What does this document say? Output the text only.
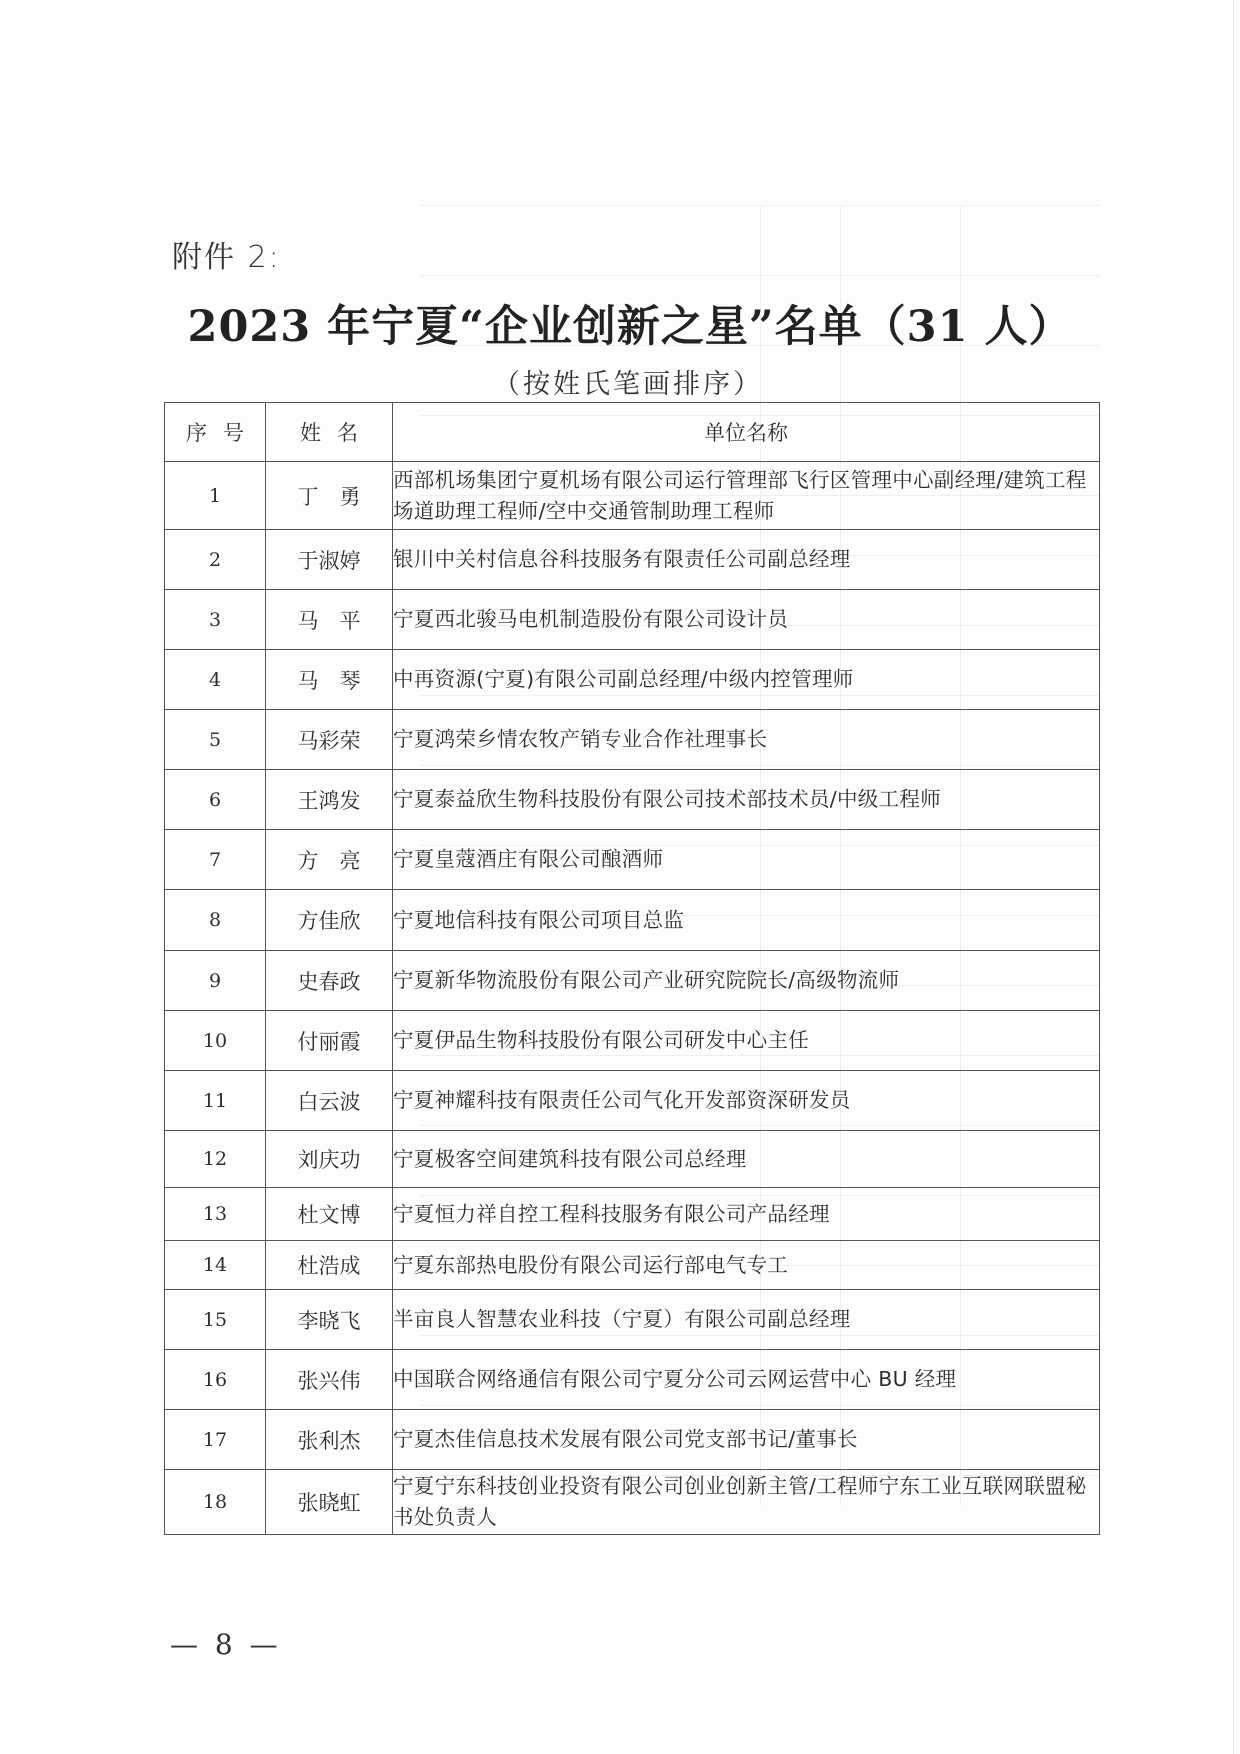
附件 2:
2023 年宁夏“企业创新之星”名单（31 人）
（按姓氏笔画排序）
序号	姓名	单位名称
1	丁　勇	西部机场集团宁夏机场有限公司运行管理部飞行区管理中心副经理/建筑工程场道助理工程师/空中交通管制助理工程师
2	于淑婷	银川中关村信息谷科技服务有限责任公司副总经理
3	马　平	宁夏西北骏马电机制造股份有限公司设计员
4	马　琴	中再资源(宁夏)有限公司副总经理/中级内控管理师
5	马彩荣	宁夏鸿荣乡情农牧产销专业合作社理事长
6	王鸿发	宁夏泰益欣生物科技股份有限公司技术部技术员/中级工程师
7	方　亮	宁夏皇蔻酒庄有限公司酿酒师
8	方佳欣	宁夏地信科技有限公司项目总监
9	史春政	宁夏新华物流股份有限公司产业研究院院长/高级物流师
10	付丽霞	宁夏伊品生物科技股份有限公司研发中心主任
11	白云波	宁夏神耀科技有限责任公司气化开发部资深研发员
12	刘庆功	宁夏极客空间建筑科技有限公司总经理
13	杜文博	宁夏恒力祥自控工程科技服务有限公司产品经理
14	杜浩成	宁夏东部热电股份有限公司运行部电气专工
15	李晓飞	半亩良人智慧农业科技（宁夏）有限公司副总经理
16	张兴伟	中国联合网络通信有限公司宁夏分公司云网运营中心 BU 经理
17	张利杰	宁夏杰佳信息技术发展有限公司党支部书记/董事长
18	张晓虹	宁夏宁东科技创业投资有限公司创业创新主管/工程师宁东工业互联网联盟秘书处负责人
— 8 —
